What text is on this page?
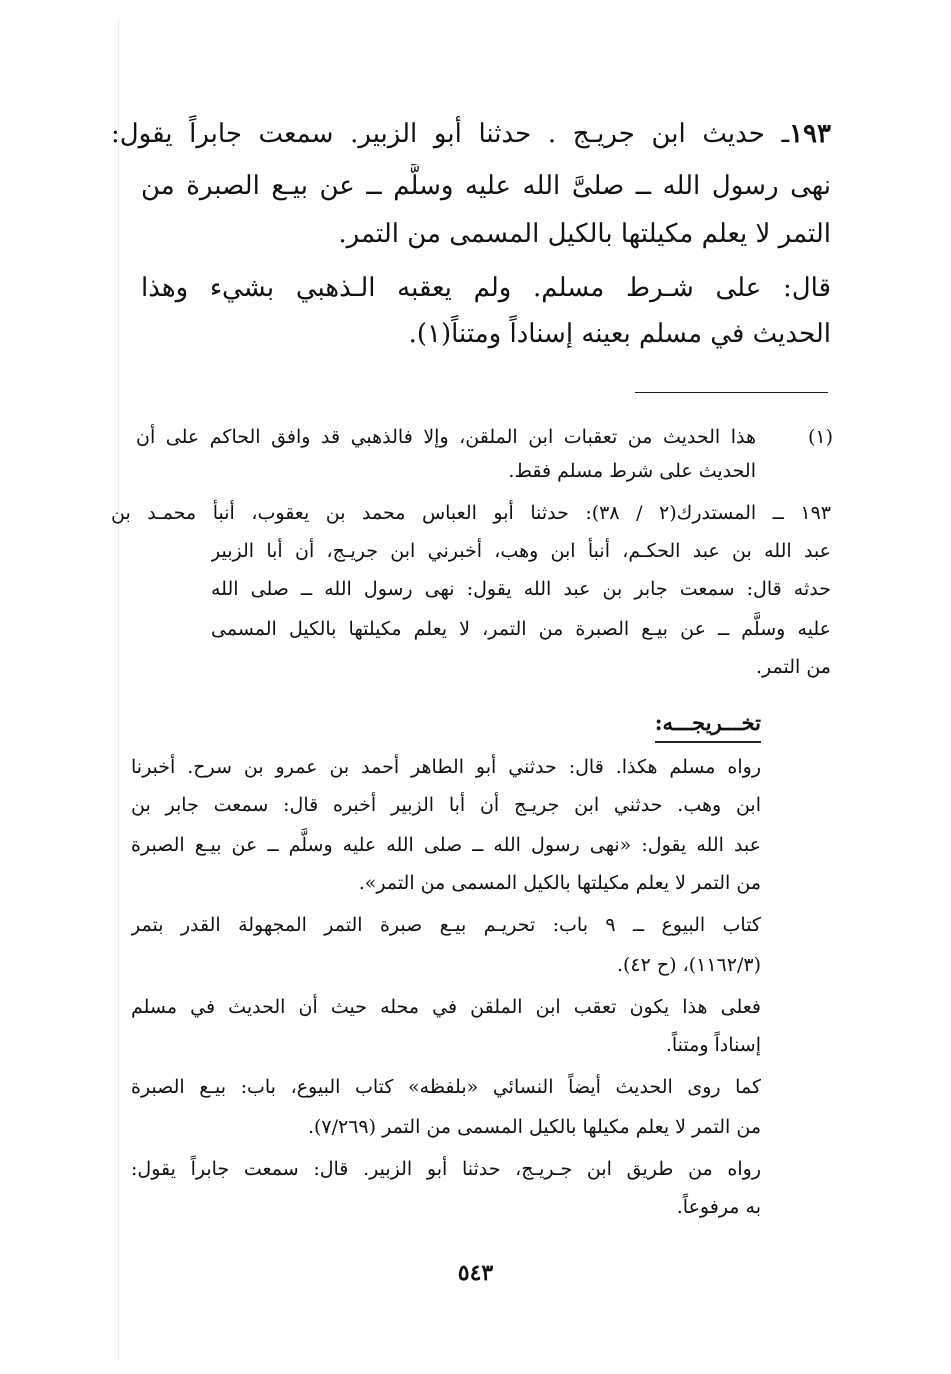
١٩٣ـ حديث ابن جريـج . حدثنا أبو الزبير. سمعت جابراً يقول:
نهى رسول الله ــ صلىَّ الله عليه وسلَّم ــ عن بيـع الصبرة من
التمر لا يعلم مكيلتها بالكيل المسمى من التمر.
قال: على شـرط مسلم. ولم يعقبه الـذهبي بشيء وهذا
الحديث في مسلم بعينه إسناداً ومتناً(١).
(١)
هذا الحديث من تعقبات ابن الملقن، وإلا فالذهبي قد وافق الحاكم على أن
الحديث على شرط مسلم فقط.
١٩٣ ــ المستدرك(٢ / ٣٨): حدثنا أبو العباس محمد بن يعقوب، أنبأ محمـد بن
عبد الله بن عبد الحكـم، أنبأ ابن وهب، أخبرني ابن جريـج، أن أبا الزبير
حدثه قال: سمعت جابر بن عبد الله يقول: نهى رسول الله ــ صلى الله
عليه وسلَّم ــ عن بيـع الصبرة من التمر، لا يعلم مكيلتها بالكيل المسمى
من التمر.
تخـــريجـــه:
رواه مسلم هكذا. قال: حدثني أبو الطاهر أحمد بن عمرو بن سرح. أخبرنا
ابن وهب. حدثني ابن جريـج أن أبا الزبير أخبره قال: سمعت جابر بن
عبد الله يقول: «نهى رسول الله ــ صلى الله عليه وسلَّم ــ عن بيـع الصبرة
من التمر لا يعلم مكيلتها بالكيل المسمى من التمر».
كتاب البيوع ــ ٩ باب: تحريـم بيـع صبرة التمر المجهولة القدر بتمر
(١١٦٢/٣)، (ح ٤٢).
فعلى هذا يكون تعقب ابن الملقن في محله حيث أن الحديث في مسلم
إسناداً ومتناً.
كما روى الحديث أيضاً النسائي «بلفظه» كتاب البيوع، باب: بيـع الصبرة
من التمر لا يعلم مكيلها بالكيل المسمى من التمر (٧/٢٦٩).
رواه من طريق ابن جـريـج، حدثنا أبو الزبير. قال: سمعت جابراً يقول:
به مرفوعاً.
٥٤٣
